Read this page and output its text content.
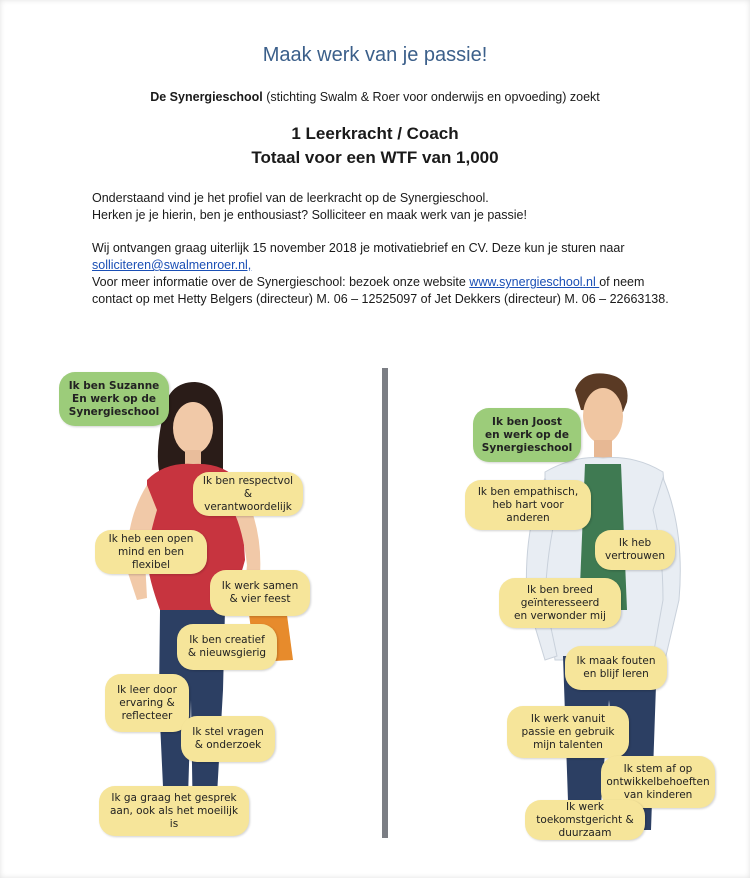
Maak werk van je passie!
De Synergieschool (stichting Swalm & Roer voor onderwijs en opvoeding) zoekt
1 Leerkracht / Coach
Totaal voor een WTF van 1,000
Onderstaand vind je het profiel van de leerkracht op de Synergieschool.
Herken je je hierin, ben je enthousiast? Solliciteer en maak werk van je passie!
Wij ontvangen graag uiterlijk 15 november 2018 je motivatiebrief en CV. Deze kun je sturen naar solliciteren@swalmenroer.nl,
Voor meer informatie over de Synergieschool: bezoek onze website www.synergieschool.nl of neem contact op met Hetty Belgers (directeur) M. 06 – 12525097 of Jet Dekkers (directeur) M. 06 – 22663138.
Ik ben Suzanne
En werk op de
Synergieschool
Ik ben respectvol &
verantwoordelijk
Ik heb een open
mind en ben flexibel
Ik werk samen
& vier feest
Ik ben creatief
& nieuwsgierig
Ik leer door
ervaring &
reflecteer
Ik stel vragen
& onderzoek
Ik ga graag het gesprek
aan, ook als het moeilijk
is
Ik ben Joost
en werk op de
Synergieschool
Ik ben empathisch,
heb hart voor
anderen
Ik heb
vertrouwen
Ik ben breed
geïnteresseerd
en verwonder mij
Ik maak fouten
en blijf leren
Ik werk vanuit
passie en gebruik
mijn talenten
Ik stem af op
ontwikkelbehoeften
van kinderen
Ik werk
toekomstgericht &
duurzaam
